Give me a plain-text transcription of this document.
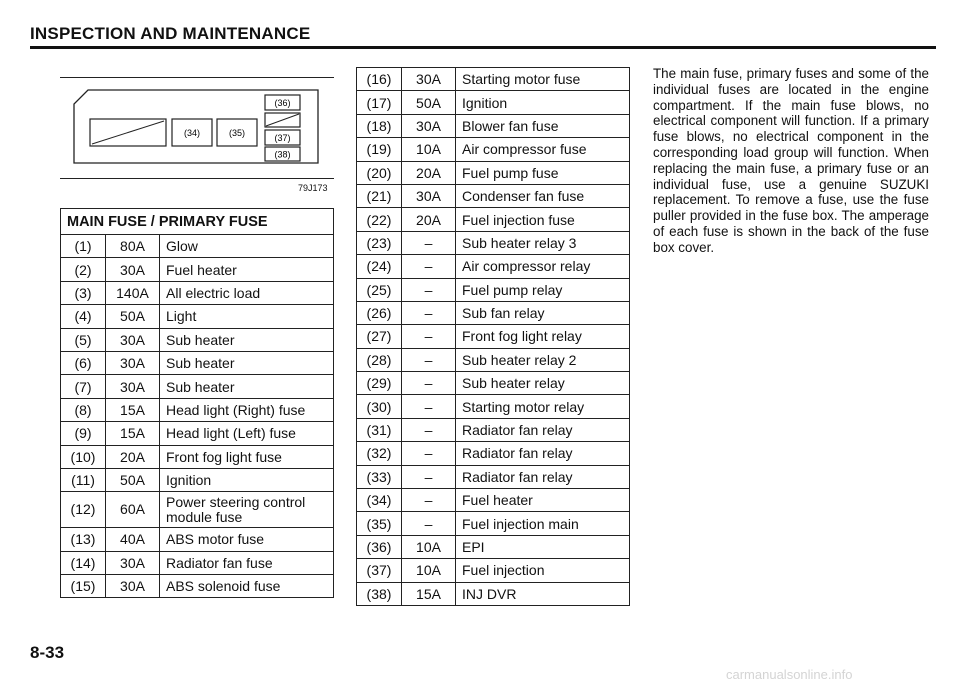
INSPECTION AND MAINTENANCE
(34)	(35)
(36)
(37)
(38)
79J173
MAIN FUSE / PRIMARY FUSE		
(1)	80A	Glow
(2)	30A	Fuel heater
(3)	140A	All electric load
(4)	50A	Light
(5)	30A	Sub heater
(6)	30A	Sub heater
(7)	30A	Sub heater
(8)	15A	Head light (Right) fuse
(9)	15A	Head light (Left) fuse
(10)	20A	Front fog light fuse
(11)	50A	Ignition
(12)	60A	Power steering control module fuse
(13)	40A	ABS motor fuse
(14)	30A	Radiator fan fuse
(15)	30A	ABS solenoid fuse
(16)	30A	Starting motor fuse
(17)	50A	Ignition
(18)	30A	Blower fan fuse
(19)	10A	Air compressor fuse
(20)	20A	Fuel pump fuse
(21)	30A	Condenser fan fuse
(22)	20A	Fuel injection fuse
(23)	–	Sub heater relay 3
(24)	–	Air compressor relay
(25)	–	Fuel pump relay
(26)	–	Sub fan relay
(27)	–	Front fog light relay
(28)	–	Sub heater relay 2
(29)	–	Sub heater relay
(30)	–	Starting motor relay
(31)	–	Radiator fan relay
(32)	–	Radiator fan relay
(33)	–	Radiator fan relay
(34)	–	Fuel heater
(35)	–	Fuel injection main
(36)	10A	EPI
(37)	10A	Fuel injection
(38)	15A	INJ DVR

The main fuse, primary fuses and some of the individual fuses are located in the engine compartment. If the main fuse blows, no electrical component will function. If a primary fuse blows, no electrical component in the corresponding load group will function. When replacing the main fuse, a primary fuse or an individual fuse, use a genuine SUZUKI replacement. To remove a fuse, use the fuse puller provided in the fuse box. The amperage of each fuse is shown in the back of the fuse box cover.

8-33
carmanualsonline.info
